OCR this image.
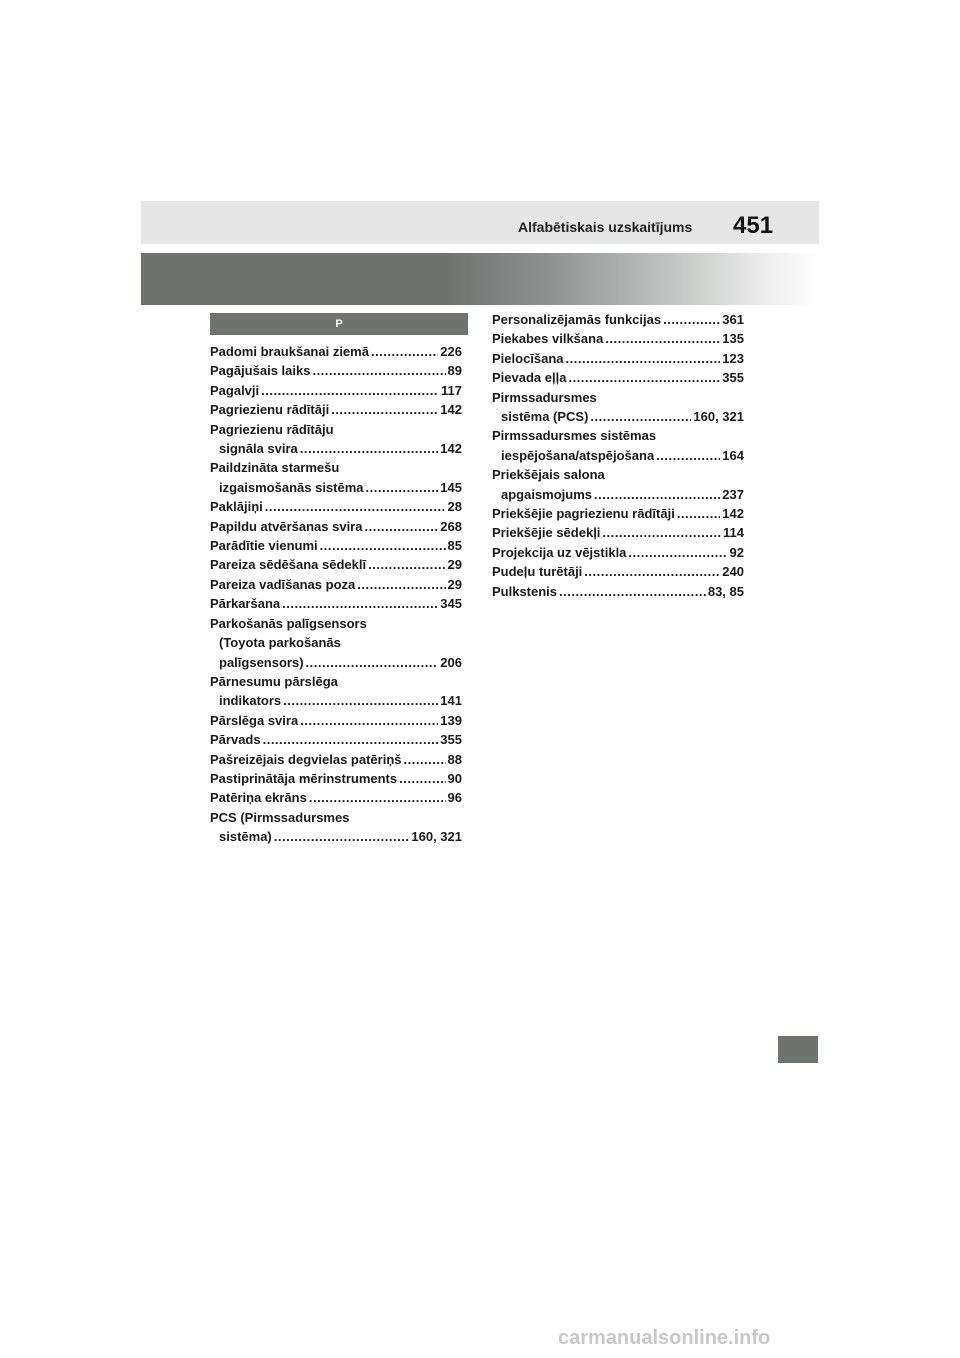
Alfabētiskais uzskaitījums 451
P
Padomi braukšanai ziemā .....	226
Pagājušais laiks .....	89
Pagalvji .....	117
Pagriezienu rādītāji .....	142
Pagriezienu rādītāju
signāla svira .....	142
Paildzināta starmešu
izgaismošanās sistēma .....	145
Paklājiņi .....	28
Papildu atvēršanas svira .....	268
Parādītie vienumi .....	85
Pareiza sēdēšana sēdeklī .....	29
Pareiza vadīšanas poza .....	29
Pārkaršana .....	345
Parkošanās palīgsensors
(Toyota parkošanās
palīgsensors) .....	206
Pārnesumu pārslēga
indikators .....	141
Pārslēga svira .....	139
Pārvads .....	355
Pašreizējais degvielas patēriņš .....	88
Pastiprinātāja mērinstruments .....	90
Patēriņa ekrāns .....	96
PCS (Pirmssadursmes
sistēma) .....	160, 321
Personalizējamās funkcijas .....	361
Piekabes vilkšana .....	135
Pielocīšana .....	123
Pievada eļļa .....	355
Pirmssadursmes
sistēma (PCS) .....	160, 321
Pirmssadursmes sistēmas
iespējošana/atspējošana .....	164
Priekšējais salona
apgaismojums .....	237
Priekšējie pagriezienu rādītāji .....	142
Priekšējie sēdekļi .....	114
Projekcija uz vējstikla .....	92
Pudeļu turētāji .....	240
Pulkstenis .....	83, 85
carmanualsonline.info
